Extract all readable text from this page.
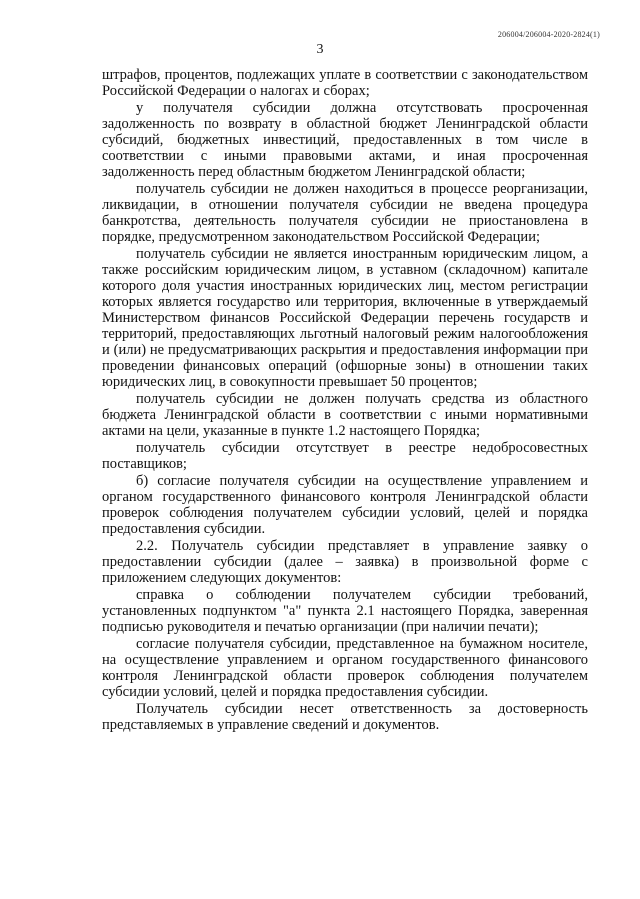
206004/206004-2020-2824(1)
3

штрафов, процентов, подлежащих уплате в соответствии с законодательством Российской Федерации о налогах и сборах;

у получателя субсидии должна отсутствовать просроченная задолженность по возврату в областной бюджет Ленинградской области субсидий, бюджетных инвестиций, предоставленных в том числе в соответствии с иными правовыми актами, и иная просроченная задолженность перед областным бюджетом Ленинградской области;

получатель субсидии не должен находиться в процессе реорганизации, ликвидации, в отношении получателя субсидии не введена процедура банкротства, деятельность получателя субсидии не приостановлена в порядке, предусмотренном законодательством Российской Федерации;

получатель субсидии не является иностранным юридическим лицом, а также российским юридическим лицом, в уставном (складочном) капитале которого доля участия иностранных юридических лиц, местом регистрации которых является государство или территория, включенные в утверждаемый Министерством финансов Российской Федерации перечень государств и территорий, предоставляющих льготный налоговый режим налогообложения и (или) не предусматривающих раскрытия и предоставления информации при проведении финансовых операций (офшорные зоны) в отношении таких юридических лиц, в совокупности превышает 50 процентов;

получатель субсидии не должен получать средства из областного бюджета Ленинградской области в соответствии с иными нормативными актами на цели, указанные в пункте 1.2 настоящего Порядка;

получатель субсидии отсутствует в реестре недобросовестных поставщиков;

б) согласие получателя субсидии на осуществление управлением и органом государственного финансового контроля Ленинградской области проверок соблюдения получателем субсидии условий, целей и порядка предоставления субсидии.

2.2. Получатель субсидии представляет в управление заявку о предоставлении субсидии (далее – заявка) в произвольной форме с приложением следующих документов:

справка о соблюдении получателем субсидии требований, установленных подпунктом "а" пункта 2.1 настоящего Порядка, заверенная подписью руководителя и печатью организации (при наличии печати);

согласие получателя субсидии, представленное на бумажном носителе, на осуществление управлением и органом государственного финансового контроля Ленинградской области проверок соблюдения получателем субсидии условий, целей и порядка предоставления субсидии.

Получатель субсидии несет ответственность за достоверность представляемых в управление сведений и документов.
